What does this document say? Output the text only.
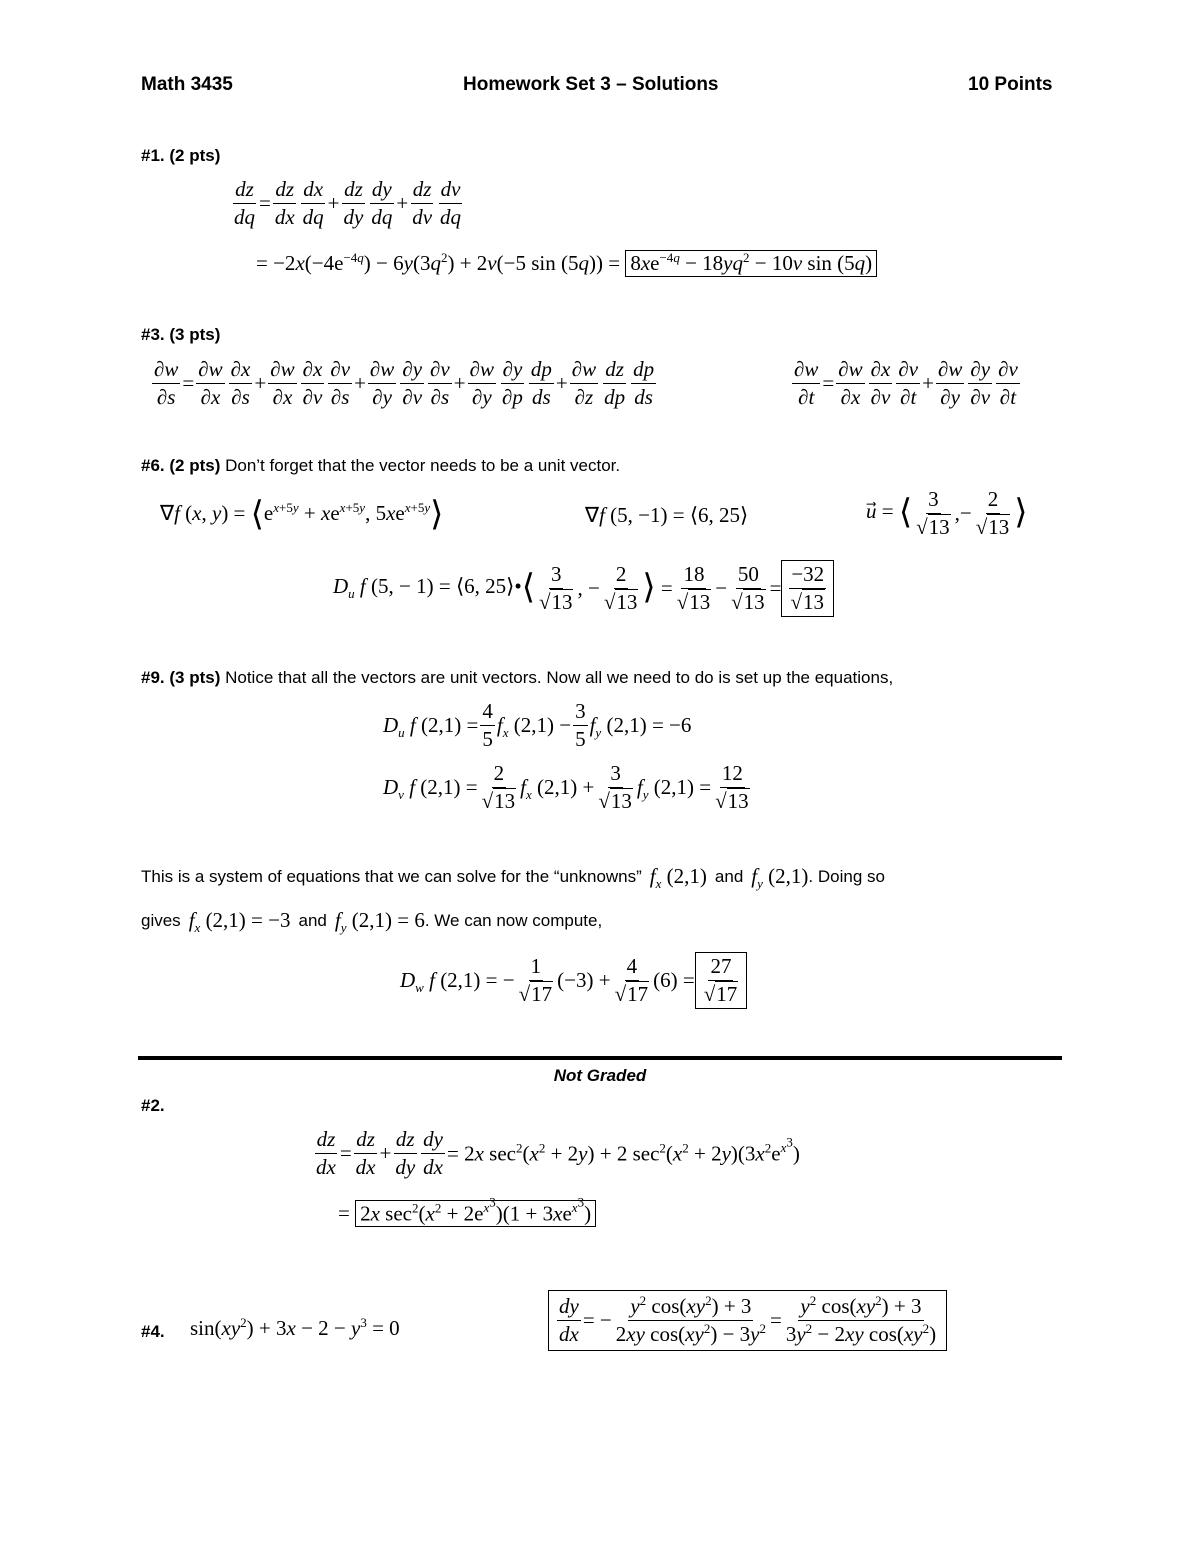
Math 3435	Homework Set 3 – Solutions	10 Points
#1. (2 pts)
$\frac{dz}{dq} = \frac{dz}{dx} \frac{dx}{dq} + \frac{dz}{dy} \frac{dy}{dq} + \frac{dz}{dv} \frac{dv}{dq}$
= $-2x(-4e^{-4q}) - 6y(3q^2) + 2v(-5$ $\sin (5q)) = 8xe^{-4q} - 18yq^2 - 10v$ sin (5q)
#3. (3 pts)
$\frac{\partial w}{\partial s} = \frac{\partial w}{\partial x} \frac{\partial x}{\partial s} + \frac{\partial w}{\partial x} \frac{\partial x}{\partial v} \frac{\partial v}{\partial s} + \frac{\partial w}{\partial y} \frac{\partial y}{\partial v} \frac{\partial v}{\partial s} + \frac{\partial w}{\partial y} \frac{\partial y}{\partial p} \frac{dp}{ds} + \frac{\partial w}{\partial z} \frac{dz}{dp} \frac{dp}{ds}$	$\frac{\partial w}{\partial t} = \frac{\partial w}{\partial x} \frac{\partial x}{\partial v} \frac{\partial v}{\partial t} + \frac{\partial w}{\partial y} \frac{\partial y}{\partial v} \frac{\partial v}{\partial t}$
#6. (2 pts) Don’t forget that the vector needs to be a unit vector.
∇f (x, $y) = ⟨e^{x+5y} + xe^{x+5y}$, $5xe^{x+5y}⟩$	∇f (5, −1) = ⟨6, 25⟩	u⃗ = ⟨ $\frac{3}{√13}$ ,− $\frac{2}{√13}$ ⟩
$D_u$ f (5, − 1) = ⟨6, 25⟩•⟨ $\frac{3}{√13}$ , − $\frac{2}{√13}$ ⟩ = $\frac{18}{√13} - \frac{50}{√13} = \frac{-32}{√13}$
#9. (3 pts) Notice that all the vectors are unit vectors. Now all we need to do is set up the equations,
$D_u$ f $(2,1) = \frac{4}{5} f_x$ $(2,1) - \frac{3}{5} f_y$ (2,1) = −6
$D_v$ f $(2,1) = \frac{2}{√13} f_x$ $(2,1) + \frac{3}{√13} f_y$ $(2,1) = \frac{12}{√13}$
This is a system of equations that we can solve for the “unknowns” $f_x$ (2,1) and $f_y$ (2,1) . Doing so
gives $f_x$ (2,1) = −3 and $f_y$ (2,1) = 6 . We can now compute,
$D_w$ f (2,1) = − $\frac{1}{√17} (-3) + \frac{4}{√17} (6) = \frac{27}{√17}$
Not Graded
#2.
$\frac{dz}{dx} = \frac{dz}{dx} + \frac{dz}{dy} \frac{dy}{dx} = 2x$ $\sec^2(x^2 + 2y) + 2$ $\sec^2(x^2 + 2y)(3x^2e^{x^3})$
= 2x $\sec^2(x^2 + 2e^{x^3})(1 + 3xe^{x^3})$
#4. $\sin(xy^2) + 3x - 2 - y^3 = 0$	$\frac{dy}{dx}$ = − $\frac{y^2 \cos(xy^2) + 3}{2xy \cos(xy^2) - 3y^2} = \frac{y^2 \cos(xy^2) + 3}{3y^2 - 2xy \cos(xy^2)}$
